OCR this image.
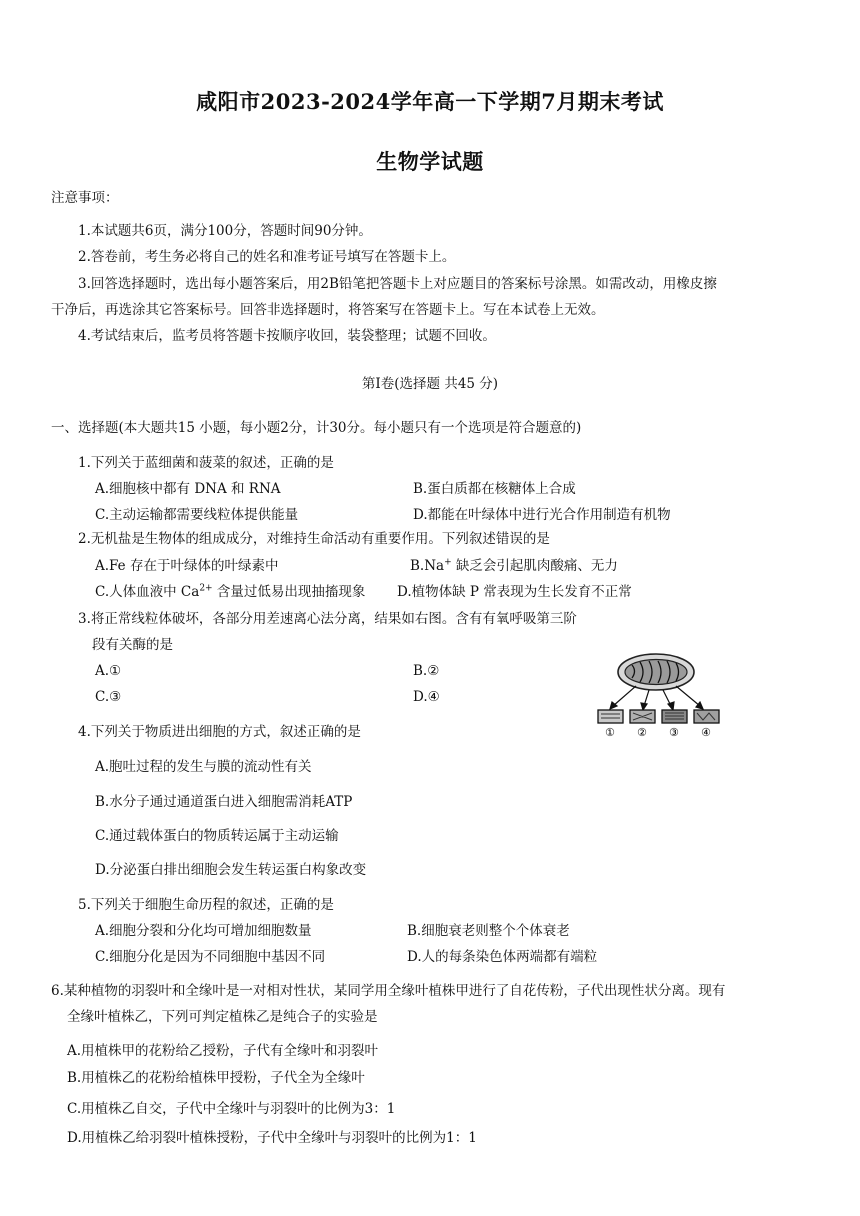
咸阳市2023-2024学年高一下学期7月期末考试
生物学试题
注意事项：
1.本试题共6页，满分100分，答题时间90分钟。
2.答卷前，考生务必将自己的姓名和准考证号填写在答题卡上。
3.回答选择题时，选出每小题答案后，用2B铅笔把答题卡上对应题目的答案标号涂黑。如需改动，用橡皮擦
干净后，再选涂其它答案标号。回答非选择题时，将答案写在答题卡上。写在本试卷上无效。
4.考试结束后，监考员将答题卡按顺序收回，装袋整理；试题不回收。
第Ⅰ卷(选择题 共45 分)
一、选择题(本大题共15 小题，每小题2分，计30分。每小题只有一个选项是符合题意的)
1.下列关于蓝细菌和菠菜的叙述，正确的是
A.细胞核中都有 DNA 和 RNA	B.蛋白质都在核糖体上合成
C.主动运输都需要线粒体提供能量	D.都能在叶绿体中进行光合作用制造有机物
2.无机盐是生物体的组成成分，对维持生命活动有重要作用。下列叙述错误的是
A.Fe 存在于叶绿体的叶绿素中	B.Na+ 缺乏会引起肌肉酸痛、无力
C.人体血液中 $Ca^{2+}$ 含量过低易出现抽搐现象 D.植物体缺 P 常表现为生长发育不正常
3.将正常线粒体破坏，各部分用差速离心法分离，结果如右图。含有有氧呼吸第三阶
段有关酶的是
A.①	B.②
C.③	D.④
① ② ③ ④
4.下列关于物质进出细胞的方式，叙述正确的是
A.胞吐过程的发生与膜的流动性有关
B.水分子通过通道蛋白进入细胞需消耗ATP
C.通过载体蛋白的物质转运属于主动运输
D.分泌蛋白排出细胞会发生转运蛋白构象改变
5.下列关于细胞生命历程的叙述，正确的是
A.细胞分裂和分化均可增加细胞数量	B.细胞衰老则整个个体衰老
C.细胞分化是因为不同细胞中基因不同	D.人的每条染色体两端都有端粒
6.某种植物的羽裂叶和全缘叶是一对相对性状，某同学用全缘叶植株甲进行了自花传粉，子代出现性状分离。现有
全缘叶植株乙，下列可判定植株乙是纯合子的实验是
A.用植株甲的花粉给乙授粉，子代有全缘叶和羽裂叶
B.用植株乙的花粉给植株甲授粉，子代全为全缘叶
C.用植株乙自交，子代中全缘叶与羽裂叶的比例为3：1
D.用植株乙给羽裂叶植株授粉，子代中全缘叶与羽裂叶的比例为1：1
